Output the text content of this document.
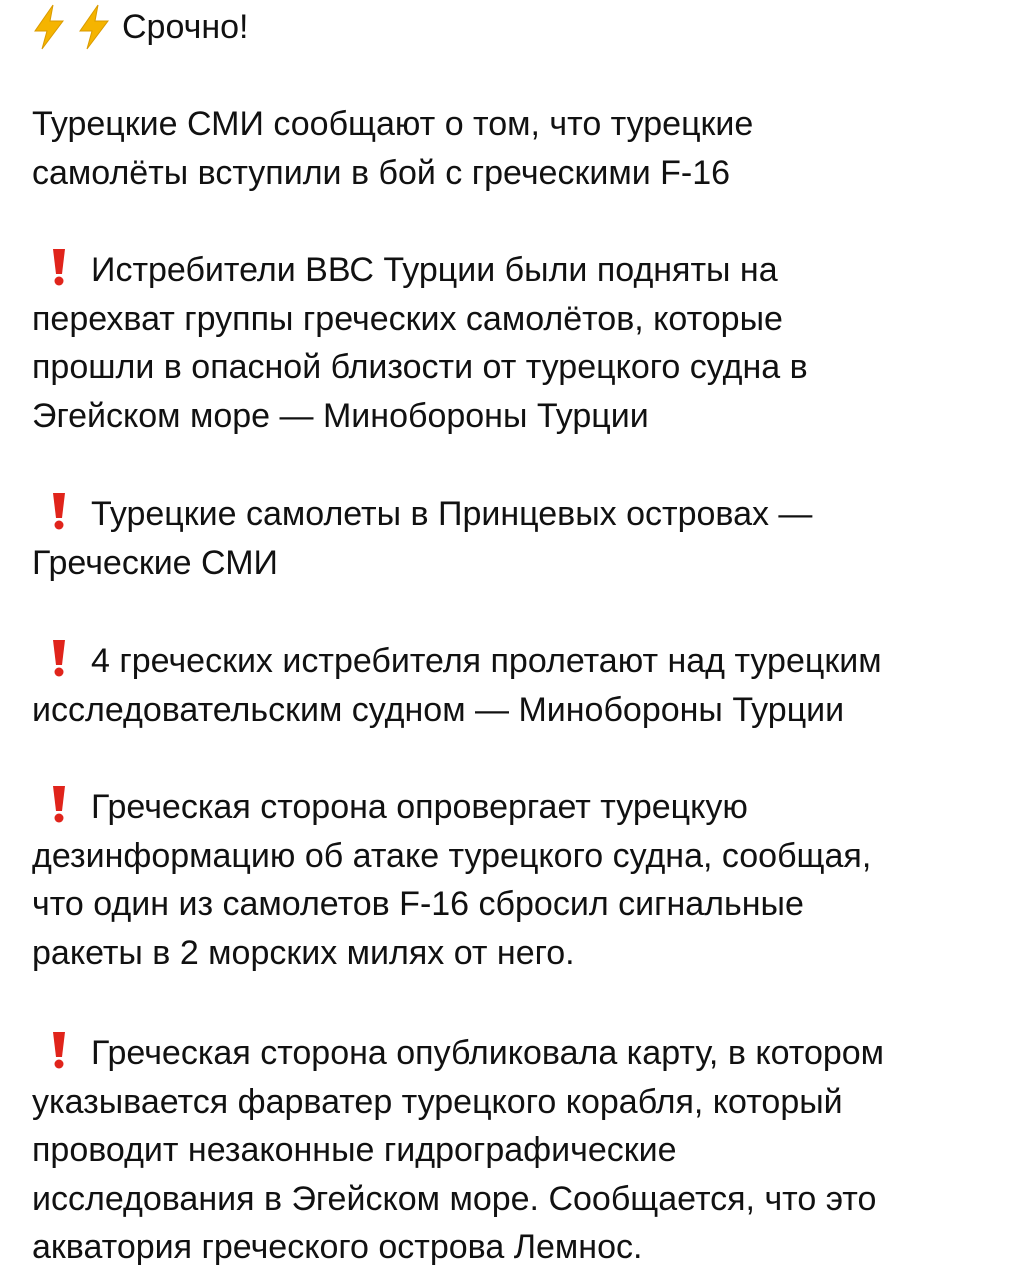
Срочно!

Турецкие СМИ сообщают о том, что турецкие
самолёты вступили в бой с греческими F-16

Истребители ВВС Турции были подняты на
перехват группы греческих самолётов, которые
прошли в опасной близости от турецкого судна в
Эгейском море — Минобороны Турции

Турецкие самолеты в Принцевых островах —
Греческие СМИ

4 греческих истребителя пролетают над турецким
исследовательским судном — Минобороны Турции

Греческая сторона опровергает турецкую
дезинформацию об атаке турецкого судна, сообщая,
что один из самолетов F-16 сбросил сигнальные
ракеты в 2 морских милях от него.

Греческая сторона опубликовала карту, в котором
указывается фарватер турецкого корабля, который
проводит незаконные гидрографические
исследования в Эгейском море. Сообщается, что это
акватория греческого острова Лемнос.
